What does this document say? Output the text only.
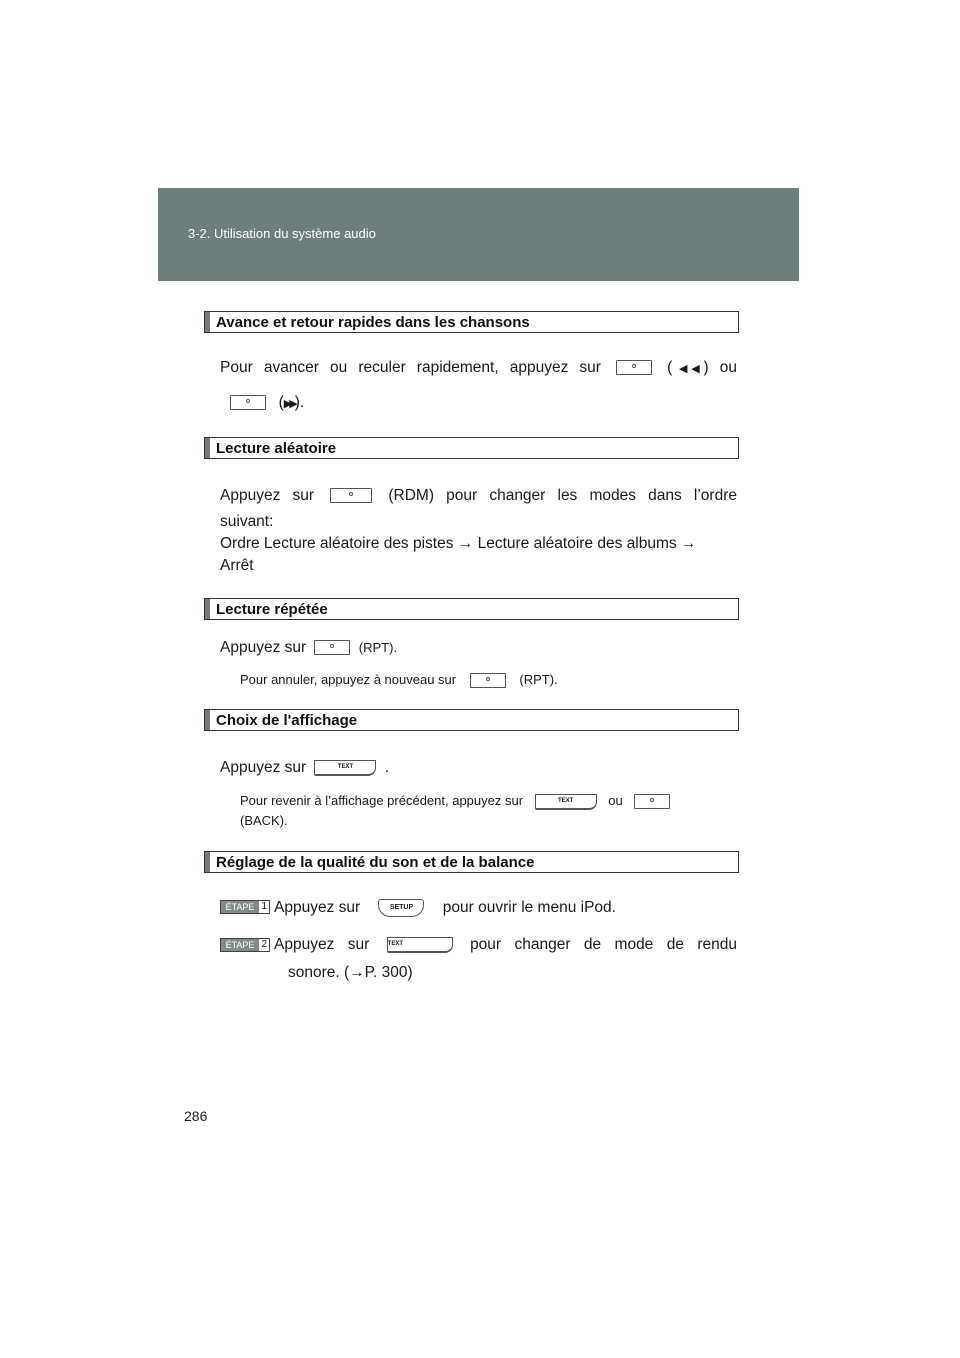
3-2. Utilisation du système audio
Avance et retour rapides dans les chansons
Pour avancer ou reculer rapidement, appuyez sur	(◀◀) ou
(▶▶).
Lecture aléatoire
Appuyez sur	(RDM) pour changer les modes dans l’ordre
suivant:
Ordre Lecture aléatoire des pistes → Lecture aléatoire des albums →
Arrêt
Lecture répétée
Appuyez sur	(RPT).
Pour annuler, appuyez à nouveau sur	(RPT).
Choix de l'affichage
Appuyez sur	TEXT .
Pour revenir à l’affichage précédent, appuyez sur	TEXT	ou
(BACK).
Réglage de la qualité du son et de la balance
ÉTAPE 1 Appuyez sur	SETUP pour ouvrir le menu iPod.
ÉTAPE 2 Appuyez sur	TEXT	pour changer de mode de rendu
sonore. (→P. 300)
286
